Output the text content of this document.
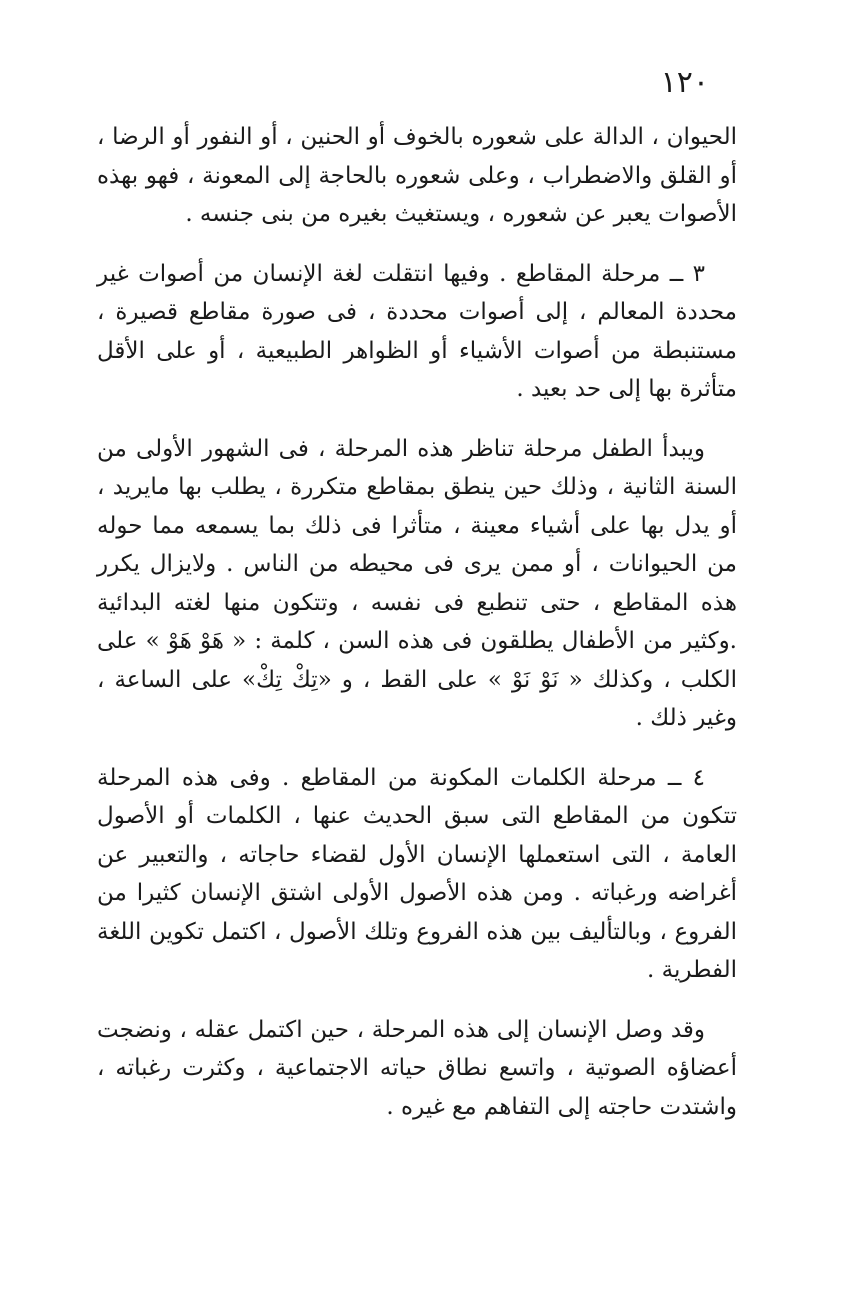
١٢٠

الحيوان ، الدالة على شعوره بالخوف أو الحنين ، أو النفور أو الرضا ، أو القلق والاضطراب ، وعلى شعوره بالحاجة إلى المعونة ، فهو بهذه الأصوات يعبر عن شعوره ، ويستغيث بغيره من بنى جنسه .

٣ ــ مرحلة المقاطع . وفيها انتقلت لغة الإنسان من أصوات غير محددة المعالم ، إلى أصوات محددة ، فى صورة مقاطع قصيرة ، مستنبطة من أصوات الأشياء أو الظواهر الطبيعية ، أو على الأقل متأثرة بها إلى حد بعيد .

ويبدأ الطفل مرحلة تناظر هذه المرحلة ، فى الشهور الأولى من السنة الثانية ، وذلك حين ينطق بمقاطع متكررة ، يطلب بها مايريد ، أو يدل بها على أشياء معينة ، متأثرا فى ذلك بما يسمعه مما حوله من الحيوانات ، أو ممن يرى فى محيطه من الناس . ولايزال يكرر هذه المقاطع ، حتى تنطبع فى نفسه ، وتتكون منها لغته البدائية .وكثير من الأطفال يطلقون فى هذه السن ، كلمة : « هَوْ هَوْ » على الكلب ، وكذلك « نَوْ نَوْ » على القط ، و «تِكْ تِكْ» على الساعة ، وغير ذلك .

٤ ــ مرحلة الكلمات المكونة من المقاطع . وفى هذه المرحلة تتكون من المقاطع التى سبق الحديث عنها ، الكلمات أو الأصول العامة ، التى استعملها الإنسان الأول لقضاء حاجاته ، والتعبير عن أغراضه ورغباته . ومن هذه الأصول الأولى اشتق الإنسان كثيرا من الفروع ، وبالتأليف بين هذه الفروع وتلك الأصول ، اكتمل تكوين اللغة الفطرية .

وقد وصل الإنسان إلى هذه المرحلة ، حين اكتمل عقله ، ونضجت أعضاؤه الصوتية ، واتسع نطاق حياته الاجتماعية ، وكثرت رغباته ، واشتدت حاجته إلى التفاهم مع غيره .
